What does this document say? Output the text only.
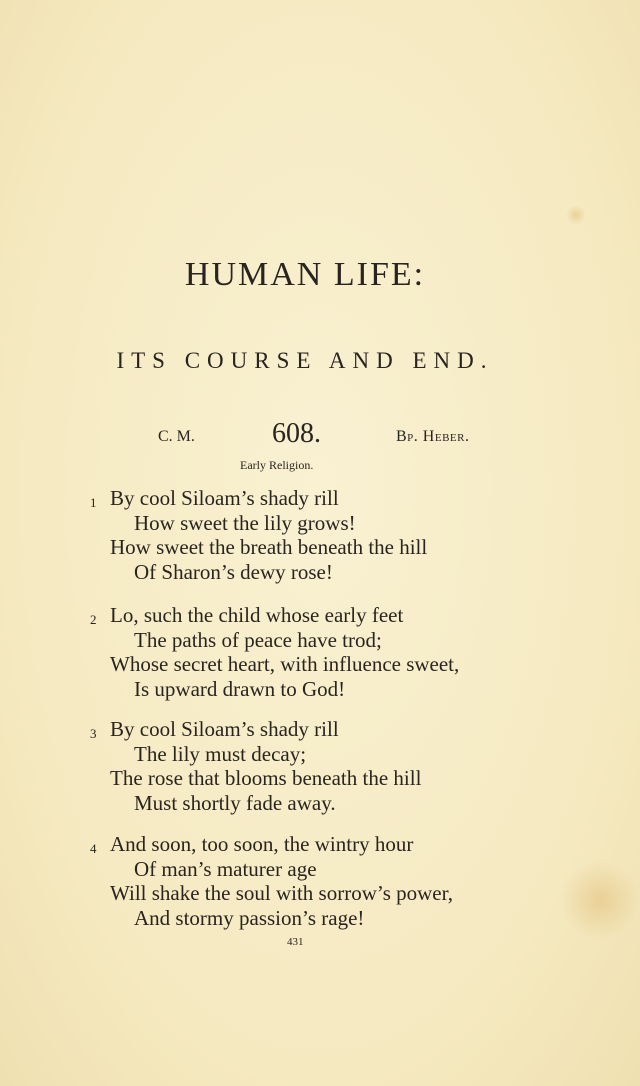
HUMAN LIFE:
ITS COURSE AND END.
C. M.	608.	Bp. Heber.
Early Religion.
1 By cool Siloam’s shady rill
How sweet the lily grows!
How sweet the breath beneath the hill
Of Sharon’s dewy rose!
2 Lo, such the child whose early feet
The paths of peace have trod;
Whose secret heart, with influence sweet,
Is upward drawn to God!
3 By cool Siloam’s shady rill
The lily must decay;
The rose that blooms beneath the hill
Must shortly fade away.
4 And soon, too soon, the wintry hour
Of man’s maturer age
Will shake the soul with sorrow’s power,
And stormy passion’s rage!
431
